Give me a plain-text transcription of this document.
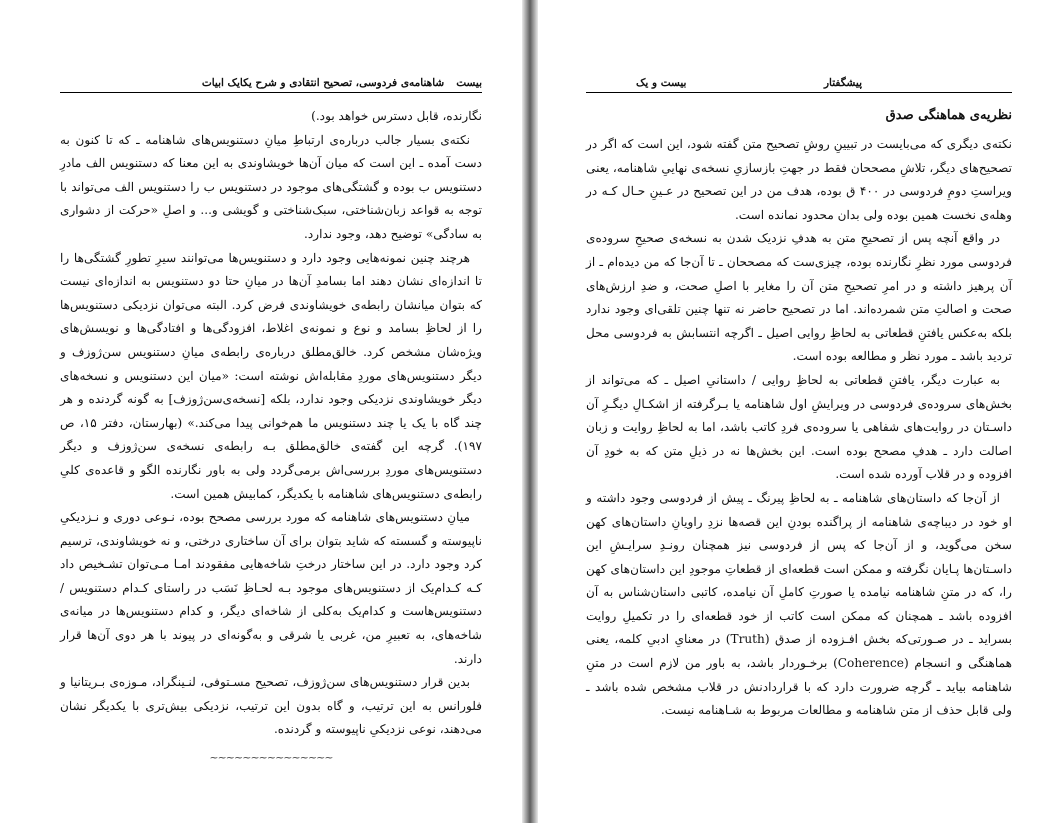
بیست
شاهنامه‌ی فردوسی، تصحیح انتقادی و شرح یکایک ابیات

نگارنده، قابل دسترس خواهد بود.)

نکته‌ی بسیار جالب درباره‌ی ارتباطِ میانِ دستنویس‌های شاهنامه ـ که تا کنون به دست آمده ـ این است که میان آن‌ها خویشاوندی به این معنا که دستنویس الف مادرِ دستنویس ب بوده و گشتگی‌های موجود در دستنویس ب را دستنویس الف می‌تواند با توجه به قواعد زبان‌شناختی، سبک‌شناختی و گویشی و... و اصلِ «حرکت از دشواری به سادگی» توضیح دهد، وجود ندارد.

هرچند چنین نمونه‌هایی وجود دارد و دستنویس‌ها می‌توانند سیرِ تطورِ گشتگی‌ها را تا اندازه‌ای نشان دهند اما بسامدِ آن‌ها در میانِ حتا دو دستنویس به اندازه‌ای نیست که بتوان میانشان رابطه‌ی خویشاوندی فرض کرد. البته می‌توان نزدیکی دستنویس‌ها را از لحاظِ بسامد و نوع و نمونه‌ی اغلاط، افزودگی‌ها و افتادگی‌ها و نویسش‌های ویژه‌شان مشخص کرد. خالق‌مطلق درباره‌ی رابطه‌ی میانِ دستنویس سن‌ژوزف و دیگر دستنویس‌های موردِ مقابله‌اش نوشته است: «میان این دستنویس و نسخه‌های دیگر خویشاوندی نزدیکی وجود ندارد، بلکه [نسخه‌ی‌سن‌ژوزف] به گونه‌ گردنده و هر چند گاه با یک یا چند دستنویس ما هم‌خوانی پیدا می‌کند.» (بهارستان، دفتر ۱۵، ص ۱۹۷). گرچه این گفته‌ی خالق‌مطلق بـه رابطه‌ی نسخه‌ی سن‌ژوزف و دیگر دستنویس‌های موردِ بررسی‌اش برمی‌گردد ولی به باور نگارنده الگو و قاعده‌ی کلیِ رابطه‌ی دستنویس‌های شاهنامه با یکدیگر، کمابیش همین است.

میانِ دستنویس‌های شاهنامه که مورد بررسی مصحح بوده، نـوعی دوری و نـزدیکیِ ناپیوسته و گسسته که شاید بتوان برای آن ساختاری درختی، و نه خویشاوندی، ترسیم کرد وجود دارد. در این ساختار درختِ شاخه‌هایی مفقودند امـا مـی‌توان تشـخیص داد کـه کـدام‌یک از دستنویس‌های موجود بـه لحـاظِ نَسَب در راستای کـدام دستنویس / دستنویس‌هاست و کدام‌یک به‌کلی از شاخه‌ای دیگر، و کدام دستنویس‌ها در میانه‌ی شاخه‌های، به تعبیرِ من، غربی یا شرقی و به‌گونه‌ای در پیوند با هر دوی آن‌ها قرار دارند.

بدین قرار دستنویس‌های سن‌ژوزف، تصحیح مسـتوفی، لنـینگراد، مـوزه‌ی بـریتانیا و فلورانس به این ترتیب، و گاه بدون این ترتیب، نزدیکی بیش‌تری با یکدیگر نشان می‌دهند، نوعی نزدیکیِ ناپیوسته و گردنده.

~~~~~~~~~~~~~~~
پیشگفتار
بیست و یک
نظریه‌ی هماهنگی صدق

نکته‌ی دیگری که می‌بایست در تبیینِ روشِ تصحیح متن گفته شود، این است که اگر در تصحیح‌های دیگر، تلاشِ مصححان فقط در جهتِ بازسازیِ نسخه‌ی نهاییِ شاهنامه، یعنی ویراستِ دومِ فردوسی در ۴۰۰ ق بوده، هدف من در این تصحیح در عـینِ حـال کـه در وهله‌ی نخست همین بوده ولی بدان محدود نمانده است.

در واقع آنچه پس از تصحیحِ متن به هدفِ نزدیک شدن به نسخه‌ی صحیحِ سروده‌ی فردوسی مورد نظرِ نگارنده بوده، چیزی‌ست که مصححان ـ تا آن‌جا که من دیده‌ام ـ از آن پرهیز داشته و در امرِ تصحیحِ متن آن را مغایر با اصلِ صحت، و ضدِ ارزش‌های صحت و اصالتِ متن شمرده‌اند. اما در تصحیح حاضر نه تنها چنین تلقی‌ای وجود ندارد بلکه به‌عکس یافتنِ قطعاتی به لحاظِ روایی اصیل ـ اگرچه انتسابش به فردوسی محل تردید باشد ـ مورد نظر و مطالعه بوده است.

به عبارت دیگر، یافتنِ قطعاتی به لحاظِ روایی / داستانیِ اصیل ـ که می‌تواند از بخش‌های سروده‌ی فردوسی در ویرایشِ اول شاهنامه یا بـرگرفته از اشکـالِ دیگـرِ آن داسـتان در روایت‌های شفاهی یا سروده‌ی فردِ کاتب باشد، اما به لحاظِ روایت و زبان اصالت دارد ـ هدفِ مصحح بوده است. این بخش‌ها نه در ذیلِ متن که به خودِ آن افزوده و در قلاب آورده شده است.

از آن‌جا که داستان‌های شاهنامه ـ به لحاظِ پیرنگ ـ پیش از فردوسی وجود داشته و او خود در دیباچه‌ی شاهنامه از پراگنده بودنِ این قصه‌ها نزدِ راویانِ داستان‌های کهن سخن می‌گوید، و از آن‌جا که پس از فردوسی نیز همچنان رونـدِ سرایـشِ این داسـتان‌ها پـایان نگرفته و ممکن است قطعه‌ای از قطعاتِ موجودِ این داستان‌های کهن را، که در متنِ شاهنامه نیامده یا صورتِ کاملِ آن نیامده، کاتبی داستان‌شناس به آن افزوده باشد ـ همچنان که ممکن است کاتب از خود قطعه‌ای را در تکمیلِ روایت بسراید ـ در صـورتی‌که بخش افـزوده از صدق (Truth) در معنایِ ادبیِ کلمه، یعنی هماهنگی و انسجام (Coherence) برخـوردار باشد، به باور من لازم است در متنِ شاهنامه بیاید ـ گرچه ضرورت دارد که با قراردادنش در قلاب مشخص شده باشد ـ ولی قابل حذف از متن شاهنامه و مطالعات مربوط به شـاهنامه نیست.
